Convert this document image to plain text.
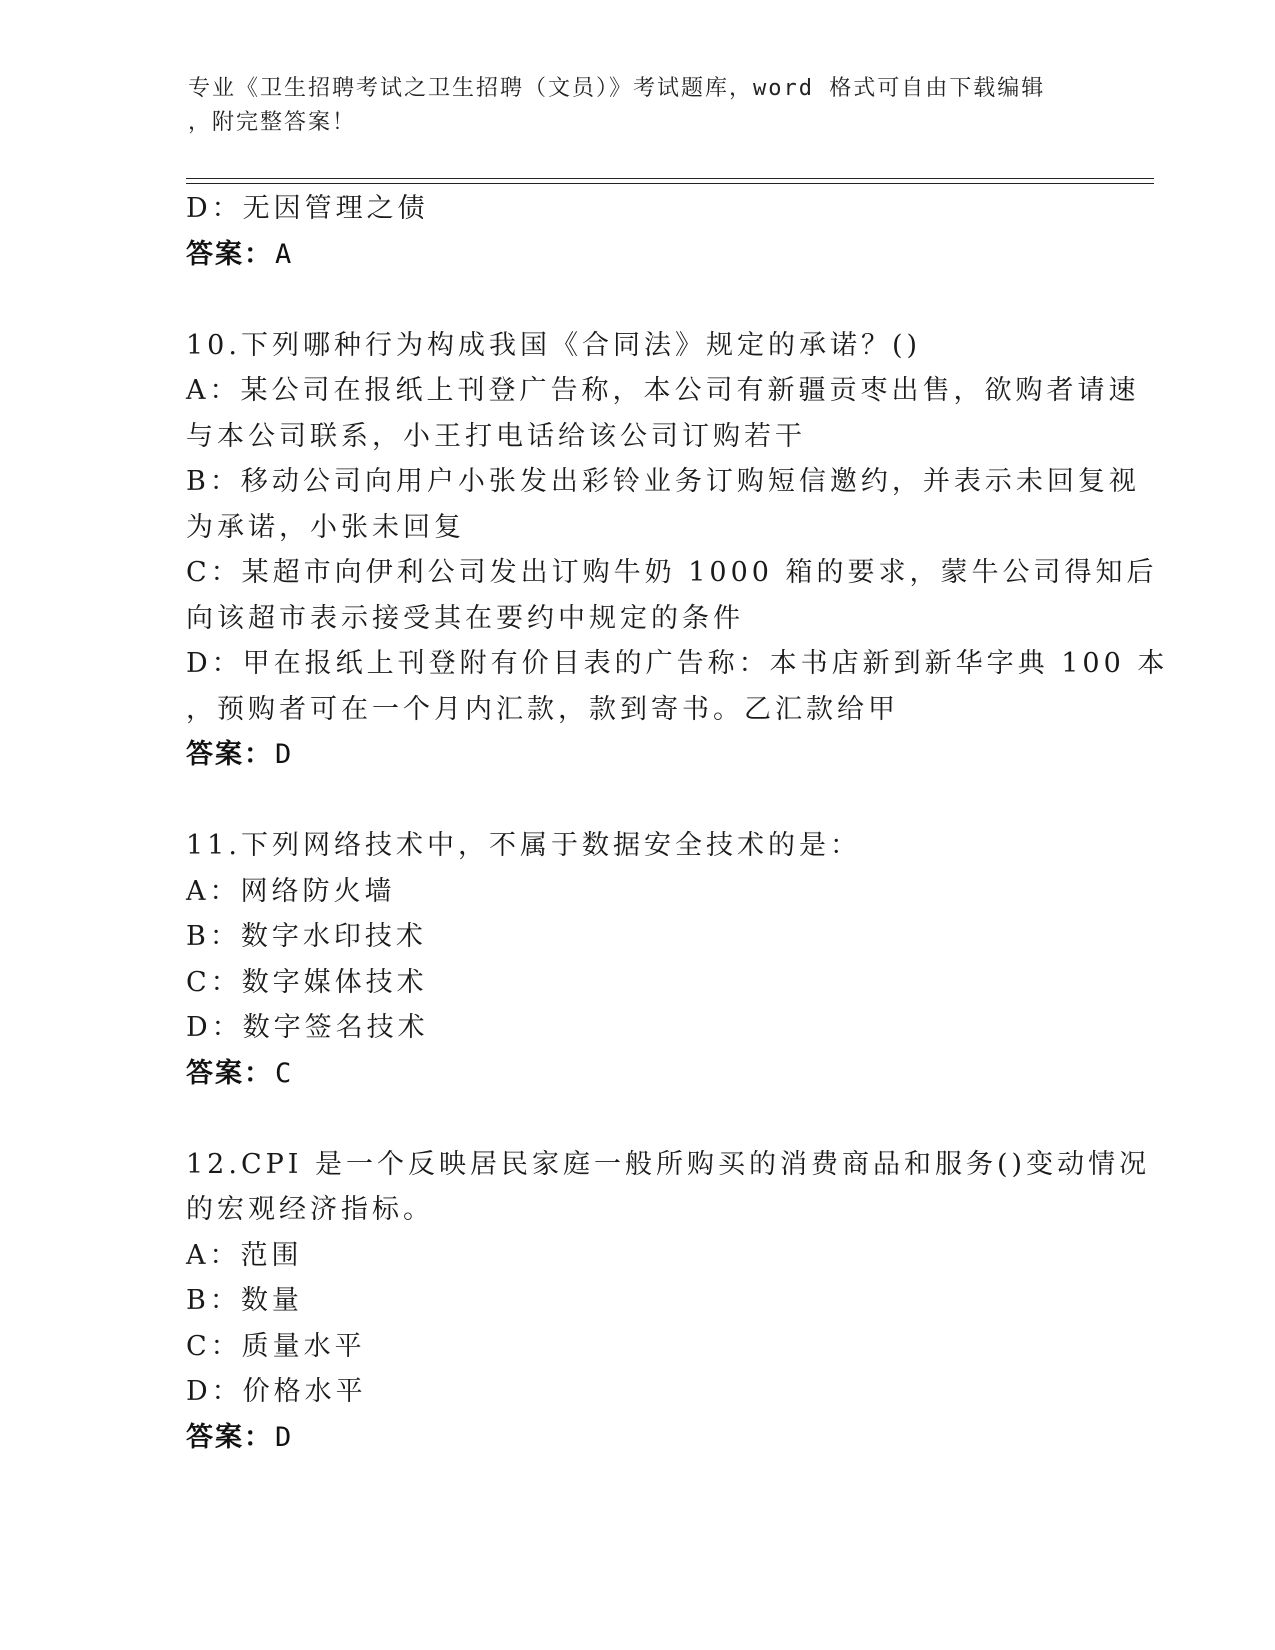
专业《卫生招聘考试之卫生招聘（文员）》考试题库，word 格式可自由下载编辑
，附完整答案！
D：无因管理之债
答案：A
10.下列哪种行为构成我国《合同法》规定的承诺？()
A：某公司在报纸上刊登广告称，本公司有新疆贡枣出售，欲购者请速
与本公司联系，小王打电话给该公司订购若干
B：移动公司向用户小张发出彩铃业务订购短信邀约，并表示未回复视
为承诺，小张未回复
C：某超市向伊利公司发出订购牛奶 1000 箱的要求，蒙牛公司得知后
向该超市表示接受其在要约中规定的条件
D：甲在报纸上刊登附有价目表的广告称：本书店新到新华字典 100 本
，预购者可在一个月内汇款，款到寄书。乙汇款给甲
答案：D
11.下列网络技术中，不属于数据安全技术的是：
A：网络防火墙
B：数字水印技术
C：数字媒体技术
D：数字签名技术
答案：C
12.CPI 是一个反映居民家庭一般所购买的消费商品和服务()变动情况
的宏观经济指标。
A：范围
B：数量
C：质量水平
D：价格水平
答案：D
